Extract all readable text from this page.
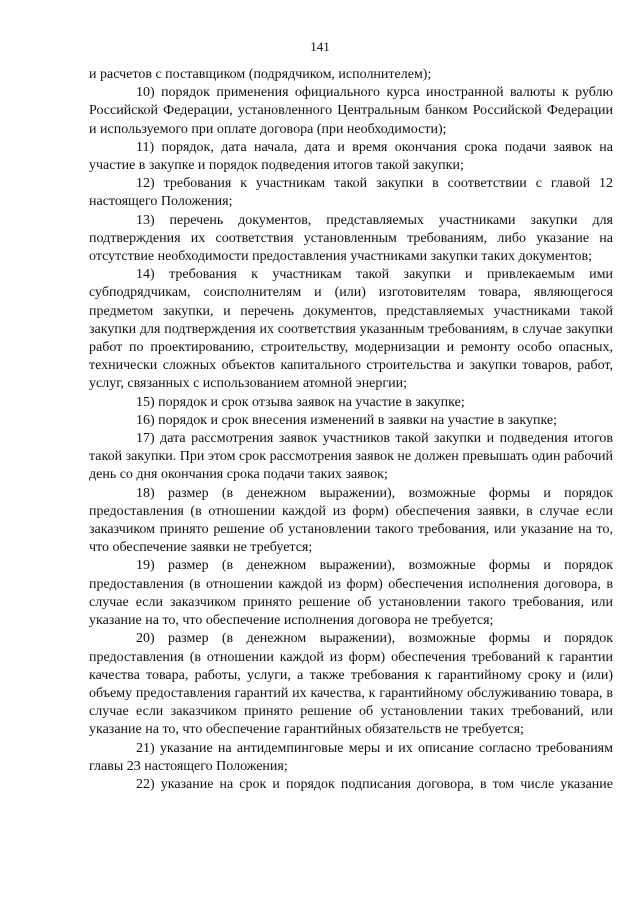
141

и расчетов с поставщиком (подрядчиком, исполнителем);

10) порядок применения официального курса иностранной валюты к рублю Российской Федерации, установленного Центральным банком Российской Федерации и используемого при оплате договора (при необходимости);

11) порядок, дата начала, дата и время окончания срока подачи заявок на участие в закупке и порядок подведения итогов такой закупки;

12) требования к участникам такой закупки в соответствии с главой 12 настоящего Положения;

13) перечень документов, представляемых участниками закупки для подтверждения их соответствия установленным требованиям, либо указание на отсутствие необходимости предоставления участниками закупки таких документов;

14) требования к участникам такой закупки и привлекаемым ими субподрядчикам, соисполнителям и (или) изготовителям товара, являющегося предметом закупки, и перечень документов, представляемых участниками такой закупки для подтверждения их соответствия указанным требованиям, в случае закупки работ по проектированию, строительству, модернизации и ремонту особо опасных, технически сложных объектов капитального строительства и закупки товаров, работ, услуг, связанных с использованием атомной энергии;

15) порядок и срок отзыва заявок на участие в закупке;

16) порядок и срок внесения изменений в заявки на участие в закупке;

17) дата рассмотрения заявок участников такой закупки и подведения итогов такой закупки. При этом срок рассмотрения заявок не должен превышать один рабочий день со дня окончания срока подачи таких заявок;

18) размер (в денежном выражении), возможные формы и порядок предоставления (в отношении каждой из форм) обеспечения заявки, в случае если заказчиком принято решение об установлении такого требования, или указание на то, что обеспечение заявки не требуется;

19) размер (в денежном выражении), возможные формы и порядок предоставления (в отношении каждой из форм) обеспечения исполнения договора, в случае если заказчиком принято решение об установлении такого требования, или указание на то, что обеспечение исполнения договора не требуется;

20) размер (в денежном выражении), возможные формы и порядок предоставления (в отношении каждой из форм) обеспечения требований к гарантии качества товара, работы, услуги, а также требования к гарантийному сроку и (или) объему предоставления гарантий их качества, к гарантийному обслуживанию товара, в случае если заказчиком принято решение об установлении таких требований, или указание на то, что обеспечение гарантийных обязательств не требуется;

21) указание на антидемпинговые меры и их описание согласно требованиям главы 23 настоящего Положения;

22) указание на срок и порядок подписания договора, в том числе указание
